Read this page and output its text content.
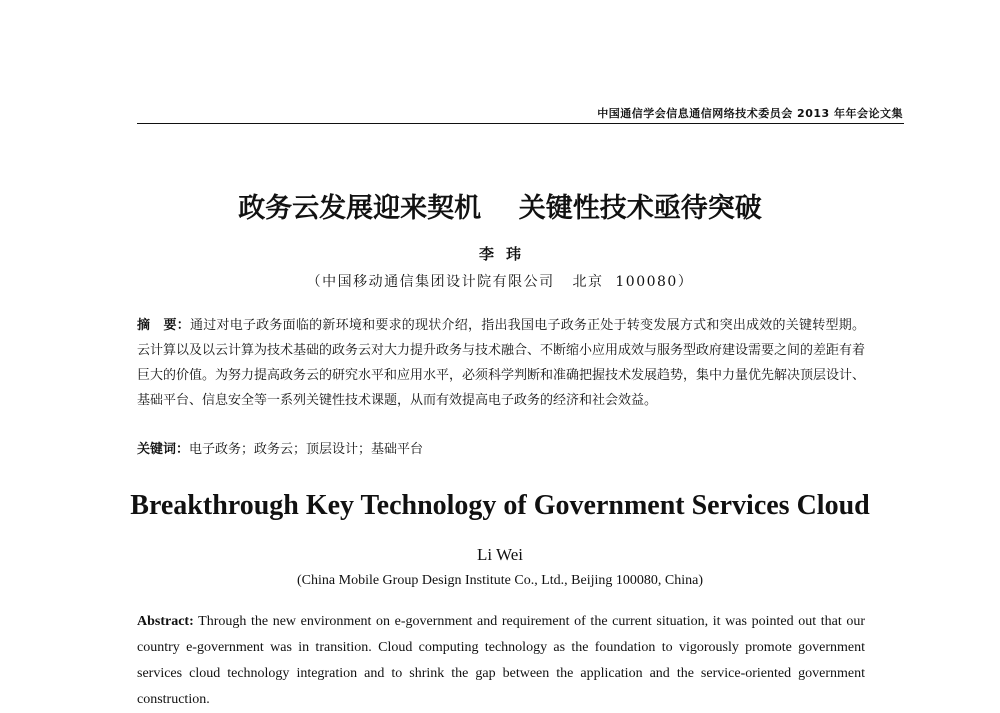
中国通信学会信息通信网络技术委员会 2013 年年会论文集
政务云发展迎来契机    关键性技术亟待突破
李玮
（中国移动通信集团设计院有限公司   北京  100080）
摘　要：通过对电子政务面临的新环境和要求的现状介绍，指出我国电子政务正处于转变发展方式和突出成效的关键转型期。云计算以及以云计算为技术基础的政务云对大力提升政务与技术融合、不断缩小应用成效与服务型政府建设需要之间的差距有着巨大的价值。为努力提高政务云的研究水平和应用水平，必须科学判断和准确把握技术发展趋势，集中力量优先解决顶层设计、基础平台、信息安全等一系列关键性技术课题，从而有效提高电子政务的经济和社会效益。
关键词：电子政务；政务云；顶层设计；基础平台
Breakthrough Key Technology of Government Services Cloud
Li Wei
(China Mobile Group Design Institute Co., Ltd., Beijing 100080, China)
Abstract: Through the new environment on e-government and requirement of the current situation, it was pointed out that our country e-government was in transition. Cloud computing technology as the foundation to vigorously promote government services cloud technology integration and to shrink the gap between the application and the service-oriented government construction.
